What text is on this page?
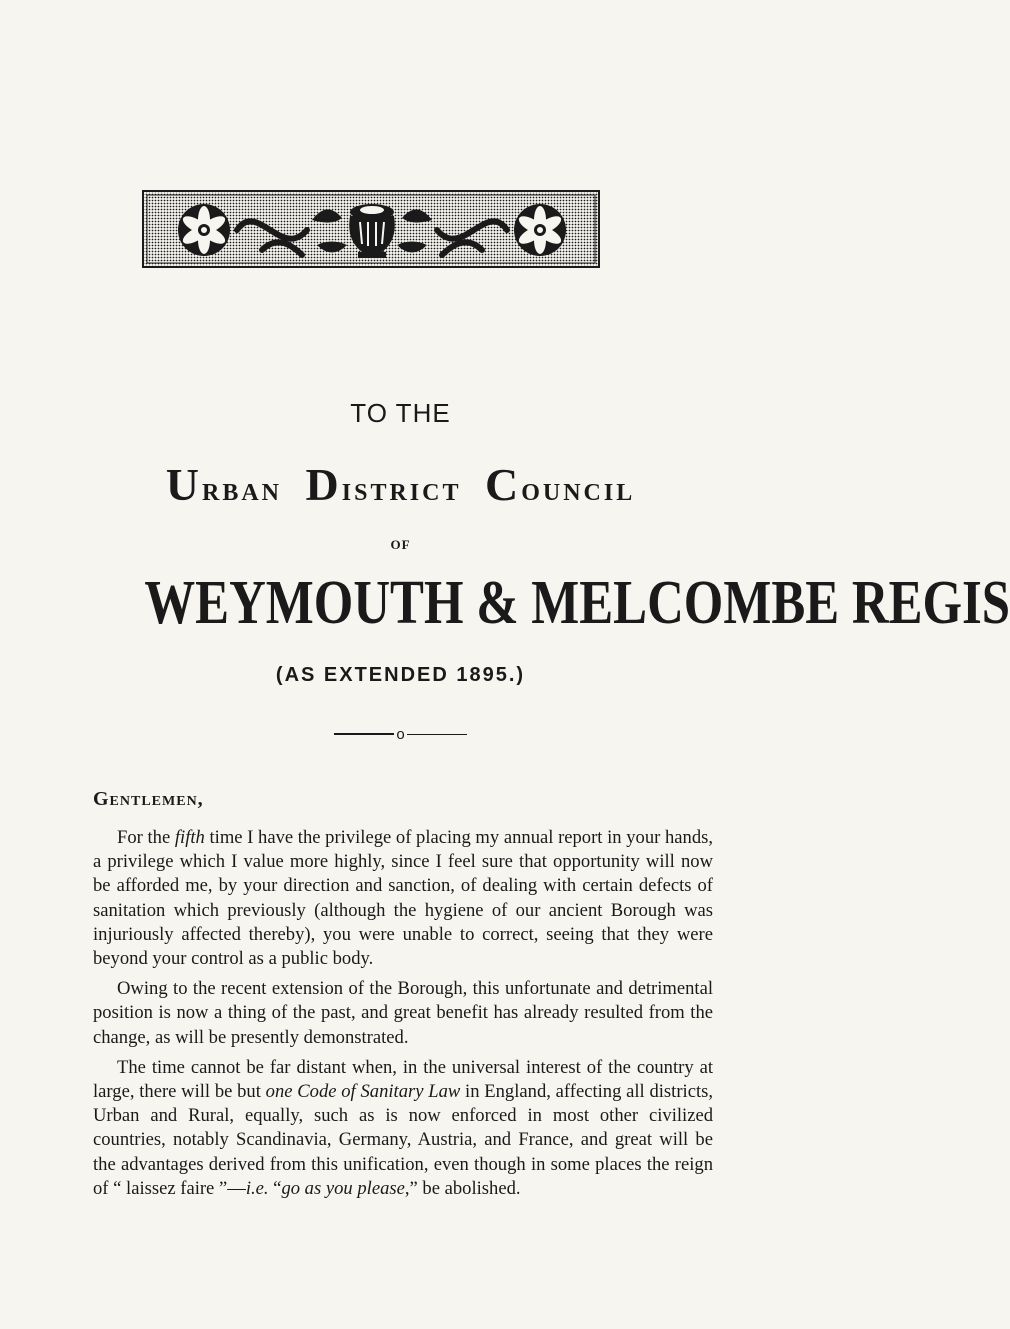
TO THE
Urban District Council
OF
WEYMOUTH & MELCOMBE REGIS
(AS EXTENDED 1895.)
o
Gentlemen,

For the fifth time I have the privilege of placing my annual report in your hands, a privilege which I value more highly, since I feel sure that opportunity will now be afforded me, by your direction and sanction, of dealing with certain defects of sanitation which previously (although the hygiene of our ancient Borough was injuriously affected thereby), you were unable to correct, seeing that they were beyond your control as a public body.

Owing to the recent extension of the Borough, this unfortunate and detrimental position is now a thing of the past, and great benefit has already resulted from the change, as will be presently demonstrated.

The time cannot be far distant when, in the universal interest of the country at large, there will be but one Code of Sanitary Law in England, affecting all districts, Urban and Rural, equally, such as is now enforced in most other civilized countries, notably Scandinavia, Germany, Austria, and France, and great will be the advantages derived from this unification, even though in some places the reign of “ laissez faire ”—i.e. “go as you please,” be abolished.
